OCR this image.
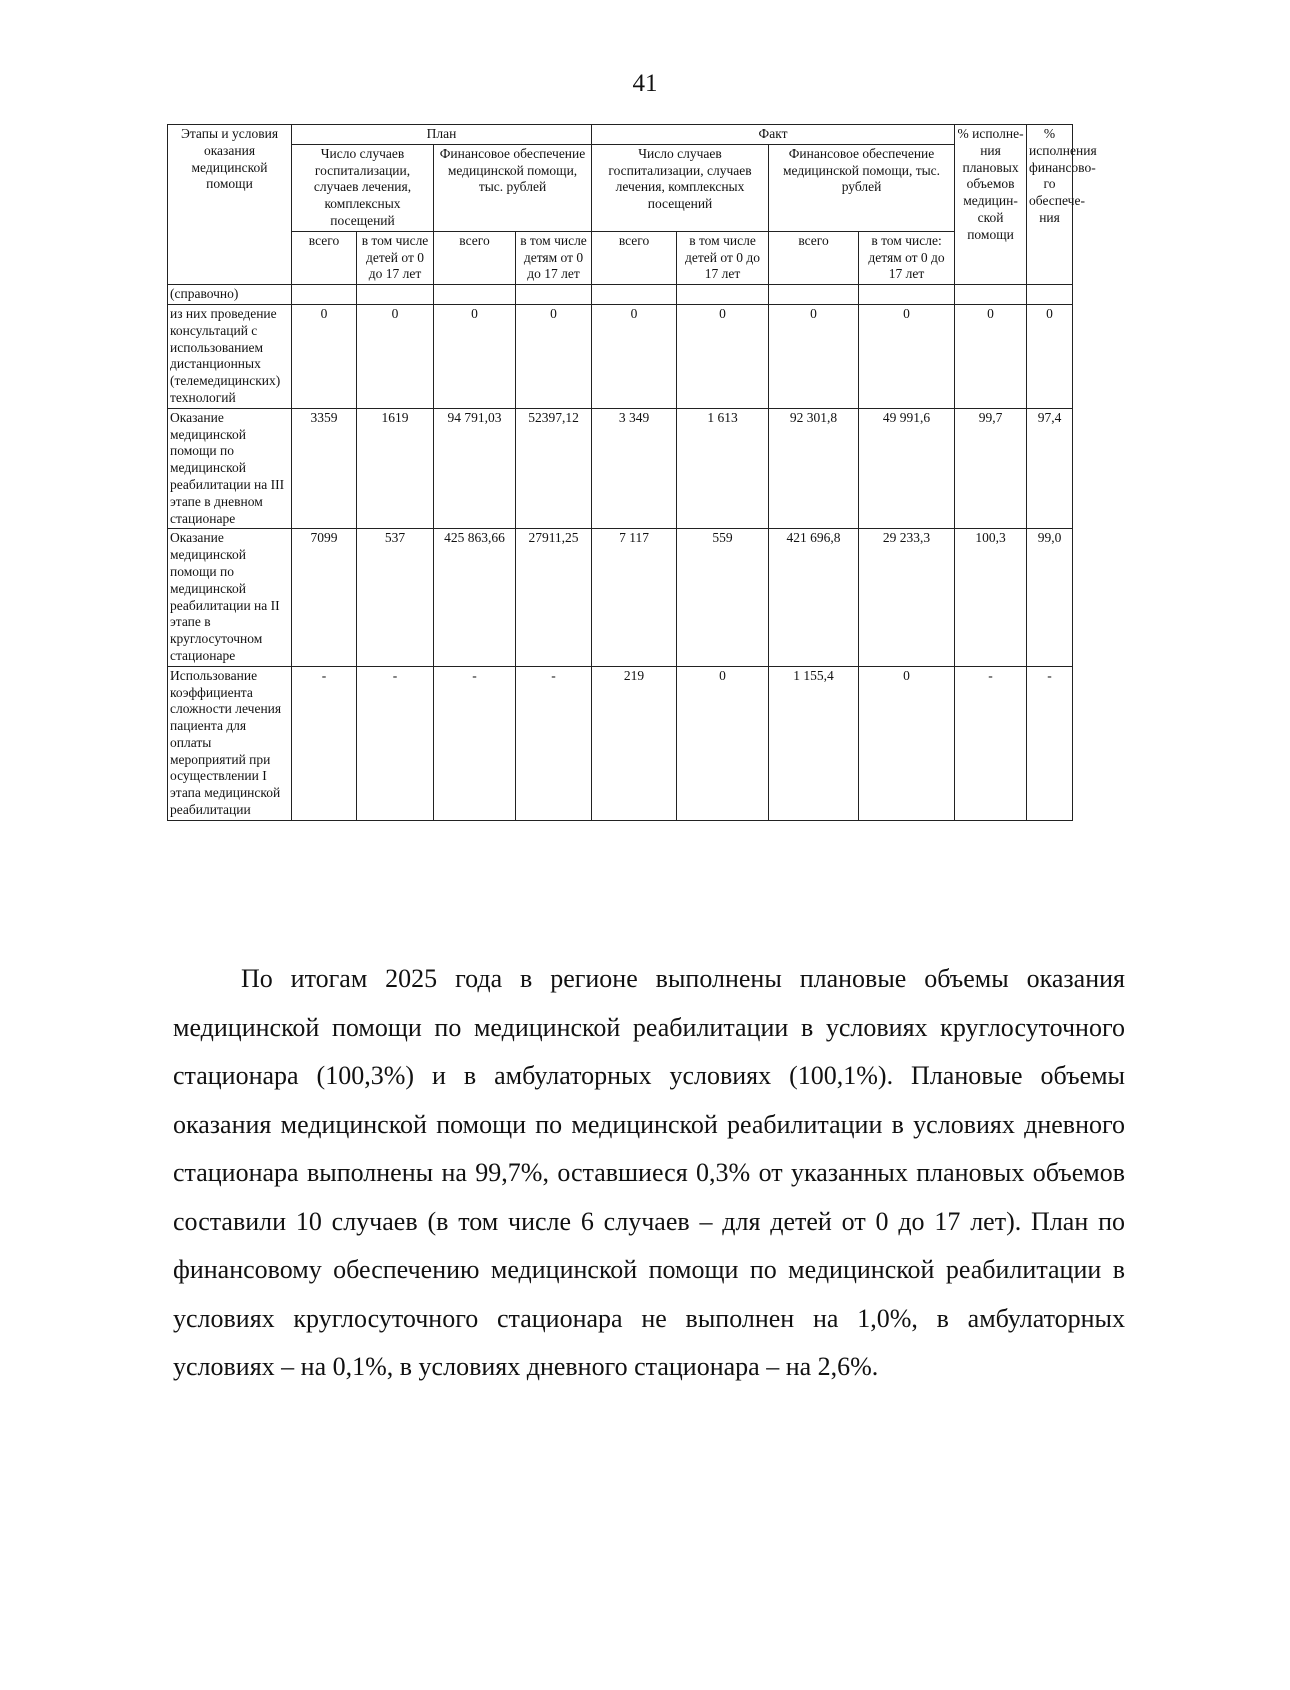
41
Этапы и условия оказания медицинской помощи	План				Факт				% исполне-ния плановых объемов медицин-ской помощи	% исполнения финансово-го обеспече-ния
	Число случаев госпитализации, случаев лечения, комплексных посещений		Финансовое обеспечение медицинской помощи, тыс. рублей		Число случаев госпитализации, случаев лечения, комплексных посещений		Финансовое обеспечение медицинской помощи, тыс. рублей			
	всего	в том числе детей от 0 до 17 лет	всего	в том числе детям от 0 до 17 лет	всего	в том числе детей от 0 до 17 лет	всего	в том числе: детям от 0 до 17 лет		
(справочно)										
из них проведение консультаций с использованием дистанционных (телемедицинских) технологий	0	0	0	0	0	0	0	0	0	0
Оказание медицинской помощи по медицинской реабилитации на III этапе в дневном стационаре	3359	1619	94 791,03	52397,12	3 349	1 613	92 301,8	49 991,6	99,7	97,4
Оказание медицинской помощи по медицинской реабилитации на II этапе в круглосуточном стационаре	7099	537	425 863,66	27911,25	7 117	559	421 696,8	29 233,3	100,3	99,0
Использование коэффициента сложности лечения пациента для оплаты мероприятий при осуществлении I этапа медицинской реабилитации	-	-	-	-	219	0	1 155,4	0	-	-

По итогам 2025 года в регионе выполнены плановые объемы оказания медицинской помощи по медицинской реабилитации в условиях круглосуточного стационара (100,3%) и в амбулаторных условиях (100,1%). Плановые объемы оказания медицинской помощи по медицинской реабилитации в условиях дневного стационара выполнены на 99,7%, оставшиеся 0,3% от указанных плановых объемов составили 10 случаев (в том числе 6 случаев – для детей от 0 до 17 лет). План по финансовому обеспечению медицинской помощи по медицинской реабилитации в условиях круглосуточного стационара не выполнен на 1,0%, в амбулаторных условиях – на 0,1%, в условиях дневного стационара – на 2,6%.
